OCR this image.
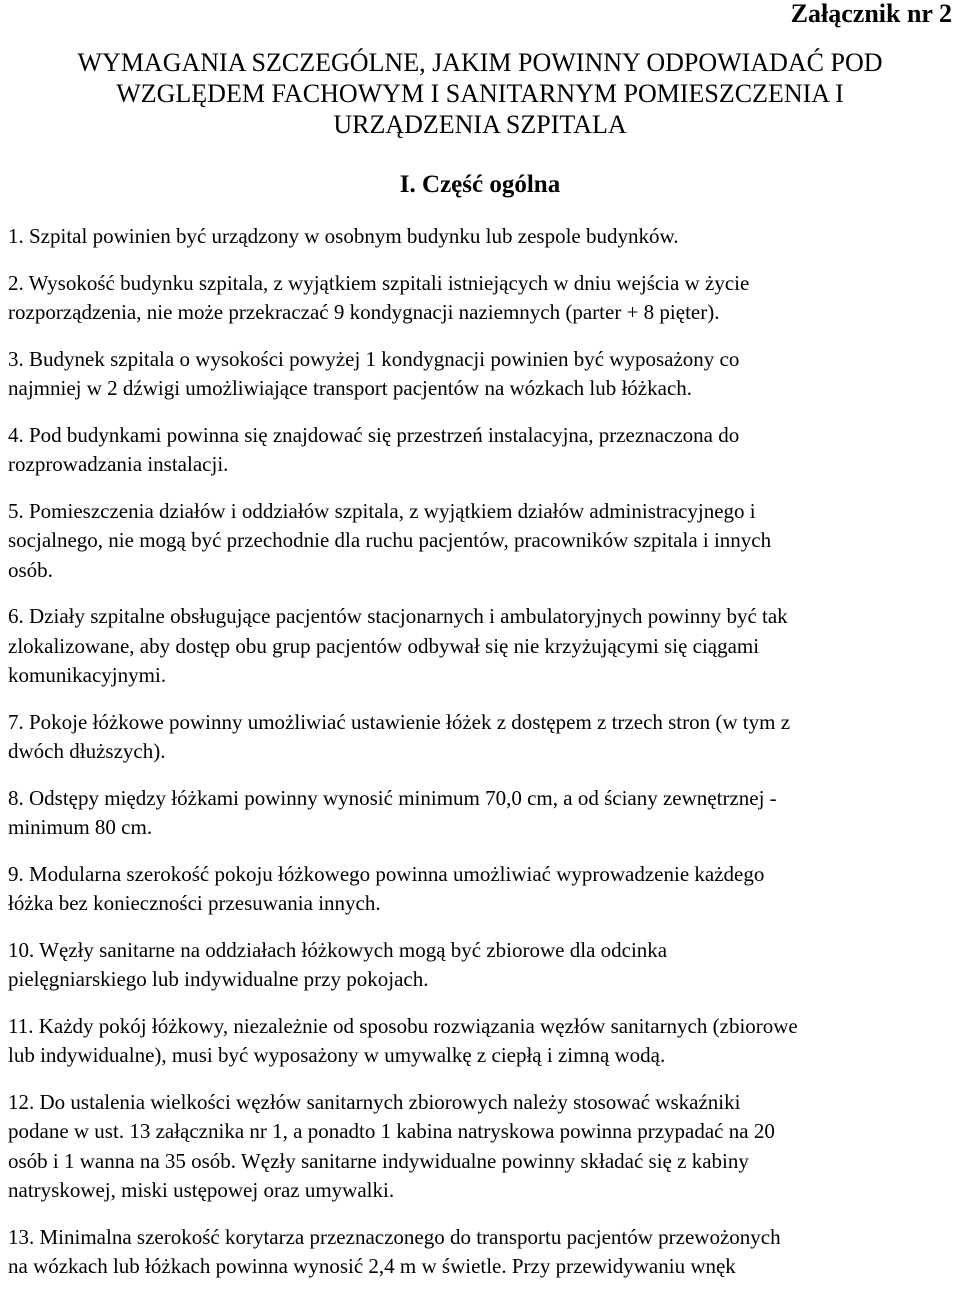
Załącznik nr 2
WYMAGANIA SZCZEGÓLNE, JAKIM POWINNY ODPOWIADAĆ POD
WZGLĘDEM FACHOWYM I SANITARNYM POMIESZCZENIA I
URZĄDZENIA SZPITALA
I. Część ogólna

1. Szpital powinien być urządzony w osobnym budynku lub zespole budynków.

2. Wysokość budynku szpitala, z wyjątkiem szpitali istniejących w dniu wejścia w życie
rozporządzenia, nie może przekraczać 9 kondygnacji naziemnych (parter + 8 pięter).

3. Budynek szpitala o wysokości powyżej 1 kondygnacji powinien być wyposażony co
najmniej w 2 dźwigi umożliwiające transport pacjentów na wózkach lub łóżkach.

4. Pod budynkami powinna się znajdować się przestrzeń instalacyjna, przeznaczona do
rozprowadzania instalacji.

5. Pomieszczenia działów i oddziałów szpitala, z wyjątkiem działów administracyjnego i
socjalnego, nie mogą być przechodnie dla ruchu pacjentów, pracowników szpitala i innych
osób.

6. Działy szpitalne obsługujące pacjentów stacjonarnych i ambulatoryjnych powinny być tak
zlokalizowane, aby dostęp obu grup pacjentów odbywał się nie krzyżującymi się ciągami
komunikacyjnymi.

7. Pokoje łóżkowe powinny umożliwiać ustawienie łóżek z dostępem z trzech stron (w tym z
dwóch dłuższych).

8. Odstępy między łóżkami powinny wynosić minimum 70,0 cm, a od ściany zewnętrznej -
minimum 80 cm.

9. Modularna szerokość pokoju łóżkowego powinna umożliwiać wyprowadzenie każdego
łóżka bez konieczności przesuwania innych.

10. Węzły sanitarne na oddziałach łóżkowych mogą być zbiorowe dla odcinka
pielęgniarskiego lub indywidualne przy pokojach.

11. Każdy pokój łóżkowy, niezależnie od sposobu rozwiązania węzłów sanitarnych (zbiorowe
lub indywidualne), musi być wyposażony w umywalkę z ciepłą i zimną wodą.

12. Do ustalenia wielkości węzłów sanitarnych zbiorowych należy stosować wskaźniki
podane w ust. 13 załącznika nr 1, a ponadto 1 kabina natryskowa powinna przypadać na 20
osób i 1 wanna na 35 osób. Węzły sanitarne indywidualne powinny składać się z kabiny
natryskowej, miski ustępowej oraz umywalki.

13. Minimalna szerokość korytarza przeznaczonego do transportu pacjentów przewożonych
na wózkach lub łóżkach powinna wynosić 2,4 m w świetle. Przy przewidywaniu wnęk
